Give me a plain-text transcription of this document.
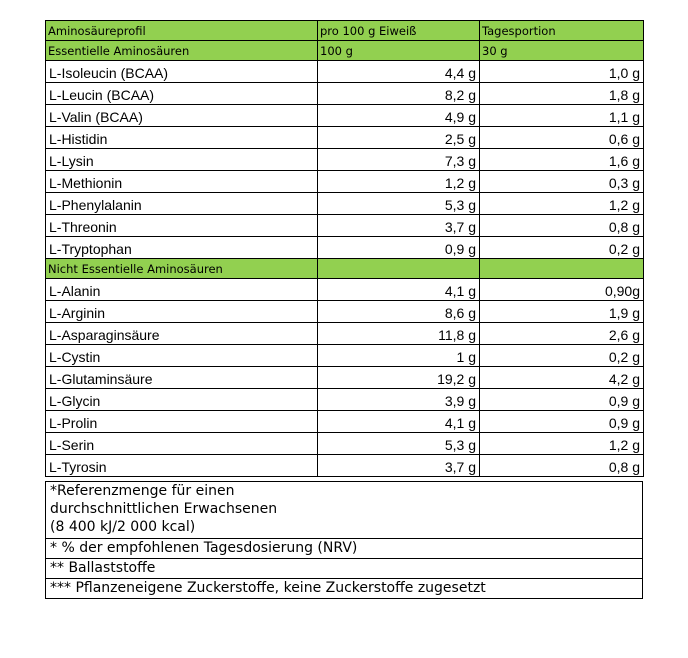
Aminosäureprofil	pro 100 g Eiweiß	Tagesportion
Essentielle Aminosäuren	100 g	30 g
L-Isoleucin (BCAA)	4,4 g	1,0 g
L-Leucin (BCAA)	8,2 g	1,8 g
L-Valin (BCAA)	4,9 g	1,1 g
L-Histidin	2,5 g	0,6 g
L-Lysin	7,3 g	1,6 g
L-Methionin	1,2 g	0,3 g
L-Phenylalanin	5,3 g	1,2 g
L-Threonin	3,7 g	0,8 g
L-Tryptophan	0,9 g	0,2 g
Nicht Essentielle Aminosäuren		
L-Alanin	4,1 g	0,90g
L-Arginin	8,6 g	1,9 g
L-Asparaginsäure	11,8 g	2,6 g
L-Cystin	1 g	0,2 g
L-Glutaminsäure	19,2 g	4,2 g
L-Glycin	3,9 g	0,9 g
L-Prolin	4,1 g	0,9 g
L-Serin	5,3 g	1,2 g
L-Tyrosin	3,7 g	0,8 g
*Referenzmenge für einen
durchschnittlichen Erwachsenen
(8 400 kJ/2 000 kcal)
* % der empfohlenen Tagesdosierung (NRV)
** Ballaststoffe
*** Pflanzeneigene Zuckerstoffe, keine Zuckerstoffe zugesetzt
